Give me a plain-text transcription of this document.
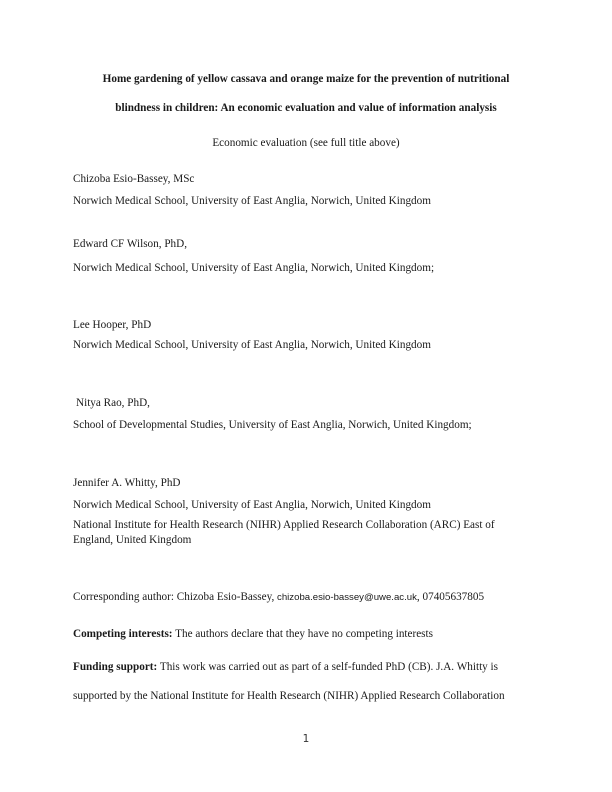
Home gardening of yellow cassava and orange maize for the prevention of nutritional
blindness in children: An economic evaluation and value of information analysis
Economic evaluation (see full title above)
Chizoba Esio-Bassey, MSc
Norwich Medical School, University of East Anglia, Norwich, United Kingdom
Edward CF Wilson, PhD,
Norwich Medical School, University of East Anglia, Norwich, United Kingdom;
Lee Hooper, PhD
Norwich Medical School, University of East Anglia, Norwich, United Kingdom
Nitya Rao, PhD,
School of Developmental Studies, University of East Anglia, Norwich, United Kingdom;
Jennifer A. Whitty, PhD
Norwich Medical School, University of East Anglia, Norwich, United Kingdom
National Institute for Health Research (NIHR) Applied Research Collaboration (ARC) East of
England, United Kingdom
Corresponding author: Chizoba Esio-Bassey, chizoba.esio-bassey@uwe.ac.uk, 07405637805
Competing interests: The authors declare that they have no competing interests
Funding support: This work was carried out as part of a self-funded PhD (CB). J.A. Whitty is
supported by the National Institute for Health Research (NIHR) Applied Research Collaboration
1
